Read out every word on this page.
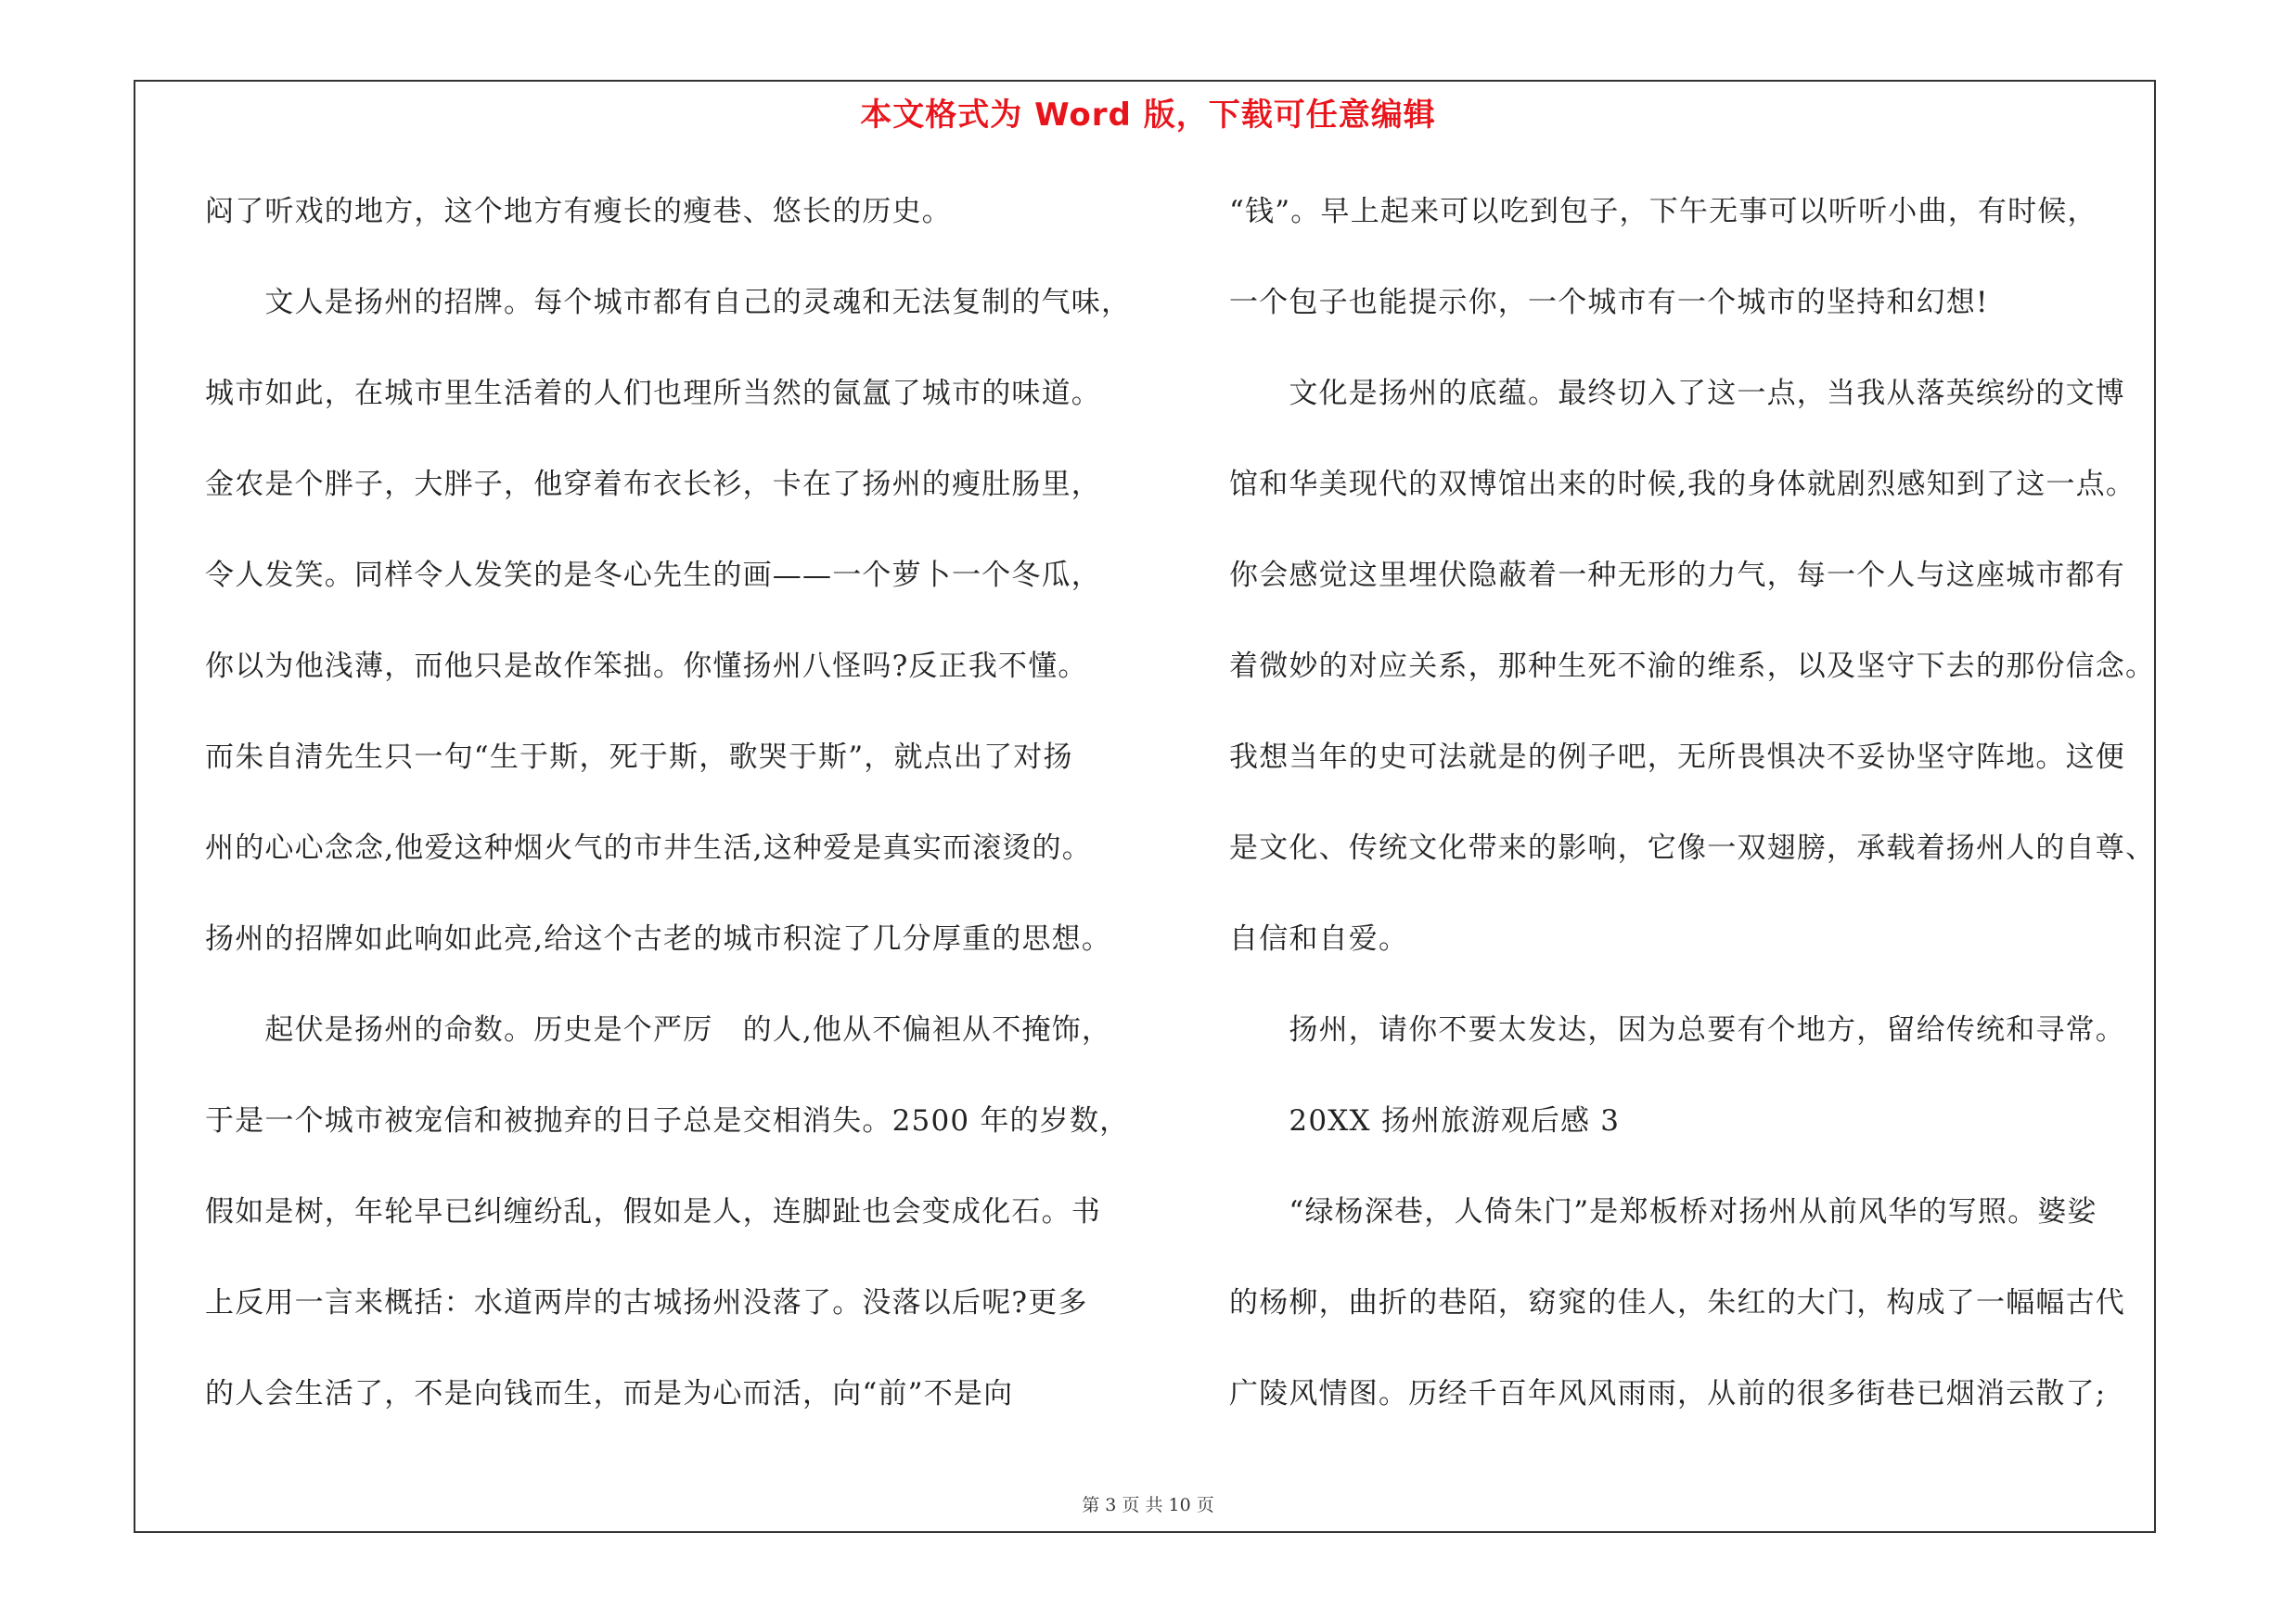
本文格式为 Word 版，下载可任意编辑
闷了听戏的地方，这个地方有瘦长的瘦巷、悠长的历史。
　　文人是扬州的招牌。每个城市都有自己的灵魂和无法复制的气味，
城市如此，在城市里生活着的人们也理所当然的氤氲了城市的味道。
金农是个胖子，大胖子，他穿着布衣长衫，卡在了扬州的瘦肚肠里，
令人发笑。同样令人发笑的是冬心先生的画——一个萝卜一个冬瓜，
你以为他浅薄，而他只是故作笨拙。你懂扬州八怪吗?反正我不懂。
而朱自清先生只一句“生于斯，死于斯，歌哭于斯”，就点出了对扬
州的心心念念,他爱这种烟火气的市井生活,这种爱是真实而滚烫的。
扬州的招牌如此响如此亮,给这个古老的城市积淀了几分厚重的思想。
　　起伏是扬州的命数。历史是个严厉　的人,他从不偏袒从不掩饰，
于是一个城市被宠信和被抛弃的日子总是交相消失。2500 年的岁数，
假如是树，年轮早已纠缠纷乱，假如是人，连脚趾也会变成化石。书
上反用一言来概括：水道两岸的古城扬州没落了。没落以后呢?更多
的人会生活了，不是向钱而生，而是为心而活，向“前”不是向
“钱”。早上起来可以吃到包子，下午无事可以听听小曲，有时候，
一个包子也能提示你，一个城市有一个城市的坚持和幻想!
　　文化是扬州的底蕴。最终切入了这一点，当我从落英缤纷的文博
馆和华美现代的双博馆出来的时候,我的身体就剧烈感知到了这一点。
你会感觉这里埋伏隐蔽着一种无形的力气，每一个人与这座城市都有
着微妙的对应关系，那种生死不渝的维系，以及坚守下去的那份信念。
我想当年的史可法就是的例子吧，无所畏惧决不妥协坚守阵地。这便
是文化、传统文化带来的影响，它像一双翅膀，承载着扬州人的自尊、
自信和自爱。
　　扬州，请你不要太发达，因为总要有个地方，留给传统和寻常。
　　20XX 扬州旅游观后感 3
　　“绿杨深巷，人倚朱门”是郑板桥对扬州从前风华的写照。婆娑
的杨柳，曲折的巷陌，窈窕的佳人，朱红的大门，构成了一幅幅古代
广陵风情图。历经千百年风风雨雨，从前的很多街巷已烟消云散了;
第 3 页 共 10 页
